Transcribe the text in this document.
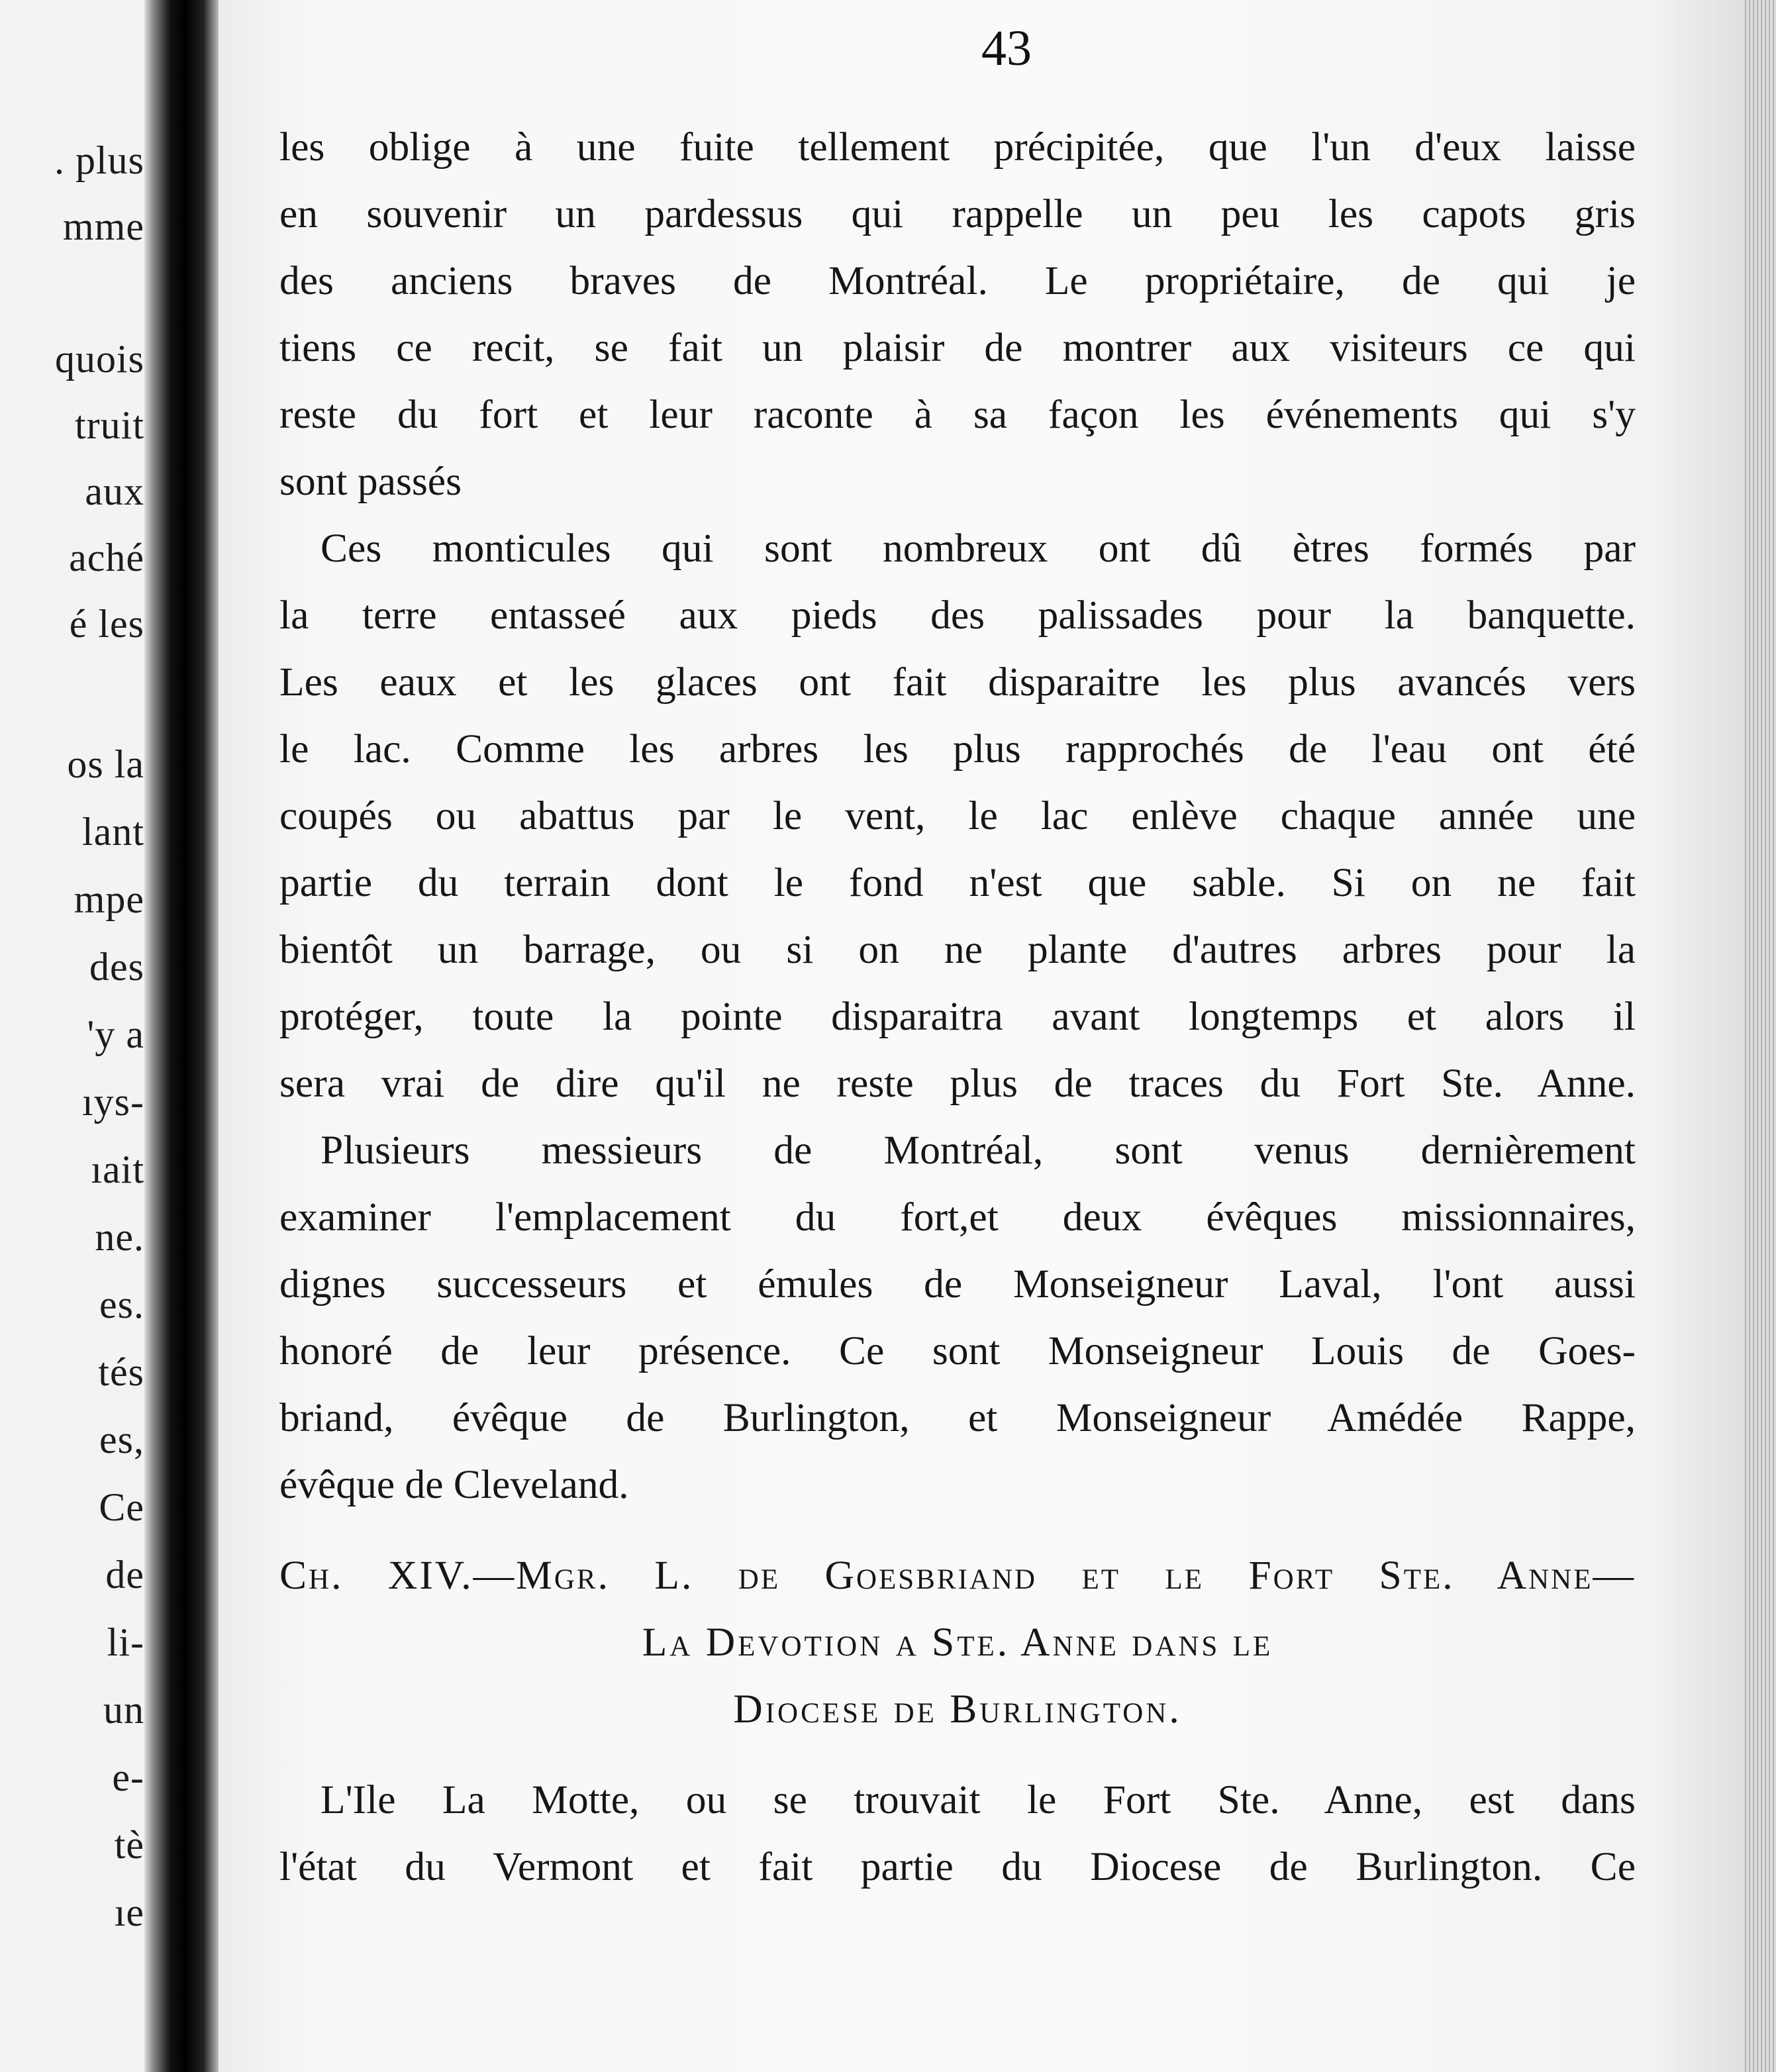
. plus
mme
quois
truit
aux
aché
é les
os la
lant
mpe
des
'y a
ıys-
ıait
ne.
es.
tés
es,
Ce
de
li-
un
e-
tè
ıe
43
les oblige à une fuite tellement précipitée, que l'un d'eux laisse
en souvenir un pardessus qui rappelle un peu les capots gris
des anciens braves de Montréal. Le propriétaire, de qui je
tiens ce recit, se fait un plaisir de montrer aux visiteurs ce qui
reste du fort et leur raconte à sa façon les événements qui s'y
sont passés
Ces monticules qui sont nombreux ont dû ètres formés par
la terre entasseé aux pieds des palissades pour la banquette.
Les eaux et les glaces ont fait disparaitre les plus avancés vers
le lac. Comme les arbres les plus rapprochés de l'eau ont été
coupés ou abattus par le vent, le lac enlève chaque année une
partie du terrain dont le fond n'est que sable. Si on ne fait
bientôt un barrage, ou si on ne plante d'autres arbres pour la
protéger, toute la pointe disparaitra avant longtemps et alors il
sera vrai de dire qu'il ne reste plus de traces du Fort Ste. Anne.
Plusieurs messieurs de Montréal, sont venus dernièrement
examiner l'emplacement du fort,et deux évêques missionnaires,
dignes successeurs et émules de Monseigneur Laval, l'ont aussi
honoré de leur présence. Ce sont Monseigneur Louis de Goes-
briand, évêque de Burlington, et Monseigneur Amédée Rappe,
évêque de Cleveland.
Ch. XIV.—Mgr. L. de Goesbriand et le Fort Ste. Anne—
La Devotion a Ste. Anne dans le
Diocese de Burlington.
L'Ile La Motte, ou se trouvait le Fort Ste. Anne, est dans
l'état du Vermont et fait partie du Diocese de Burlington. Ce
